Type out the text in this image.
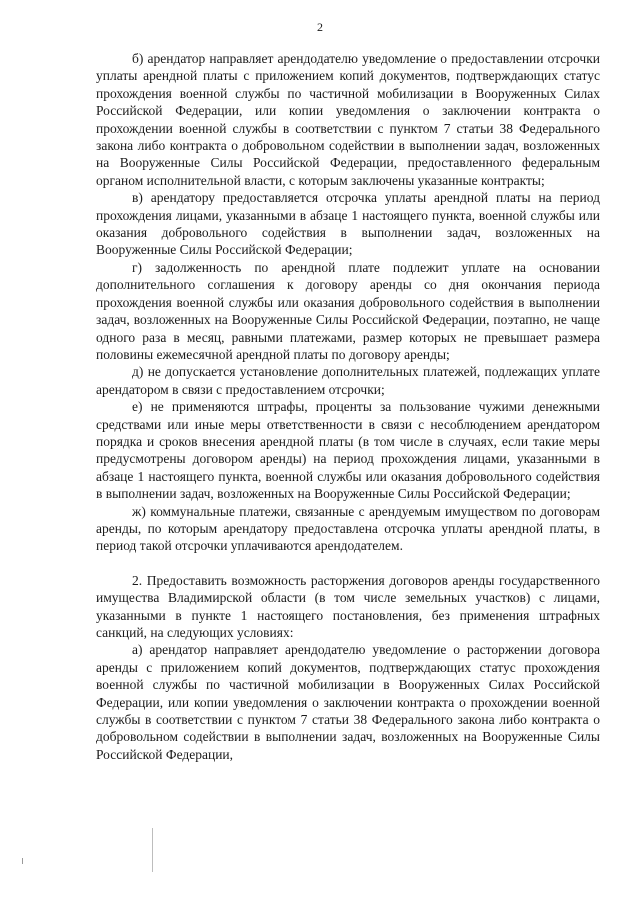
2

б) арендатор направляет арендодателю уведомление о предоставлении отсрочки уплаты арендной платы с приложением копий документов, подтверждающих статус прохождения военной службы по частичной мобилизации в Вооруженных Силах Российской Федерации, или копии уведомления о заключении контракта о прохождении военной службы в соответствии с пунктом 7 статьи 38 Федерального закона либо контракта о добровольном содействии в выполнении задач, возложенных на Вооруженные Силы Российской Федерации, предоставленного федеральным органом исполнительной власти, с которым заключены указанные контракты;

в) арендатору предоставляется отсрочка уплаты арендной платы на период прохождения лицами, указанными в абзаце 1 настоящего пункта, военной службы или оказания добровольного содействия в выполнении задач, возложенных на Вооруженные Силы Российской Федерации;

г) задолженность по арендной плате подлежит уплате на основании дополнительного соглашения к договору аренды со дня окончания периода прохождения военной службы или оказания добровольного содействия в выполнении задач, возложенных на Вооруженные Силы Российской Федерации, поэтапно, не чаще одного раза в месяц, равными платежами, размер которых не превышает размера половины ежемесячной арендной платы по договору аренды;

д) не допускается установление дополнительных платежей, подлежащих уплате арендатором в связи с предоставлением отсрочки;

е) не применяются штрафы, проценты за пользование чужими денежными средствами или иные меры ответственности в связи с несоблюдением арендатором порядка и сроков внесения арендной платы (в том числе в случаях, если такие меры предусмотрены договором аренды) на период прохождения лицами, указанными в абзаце 1 настоящего пункта, военной службы или оказания добровольного содействия в выполнении задач, возложенных на Вооруженные Силы Российской Федерации;

ж) коммунальные платежи, связанные с арендуемым имуществом по договорам аренды, по которым арендатору предоставлена отсрочка уплаты арендной платы, в период такой отсрочки уплачиваются арендодателем.

2. Предоставить возможность расторжения договоров аренды государственного имущества Владимирской области (в том числе земельных участков) с лицами, указанными в пункте 1 настоящего постановления, без применения штрафных санкций, на следующих условиях:

а) арендатор направляет арендодателю уведомление о расторжении договора аренды с приложением копий документов, подтверждающих статус прохождения военной службы по частичной мобилизации в Вооруженных Силах Российской Федерации, или копии уведомления о заключении контракта о прохождении военной службы в соответствии с пунктом 7 статьи 38 Федерального закона либо контракта о добровольном содействии в выполнении задач, возложенных на Вооруженные Силы Российской Федерации,
